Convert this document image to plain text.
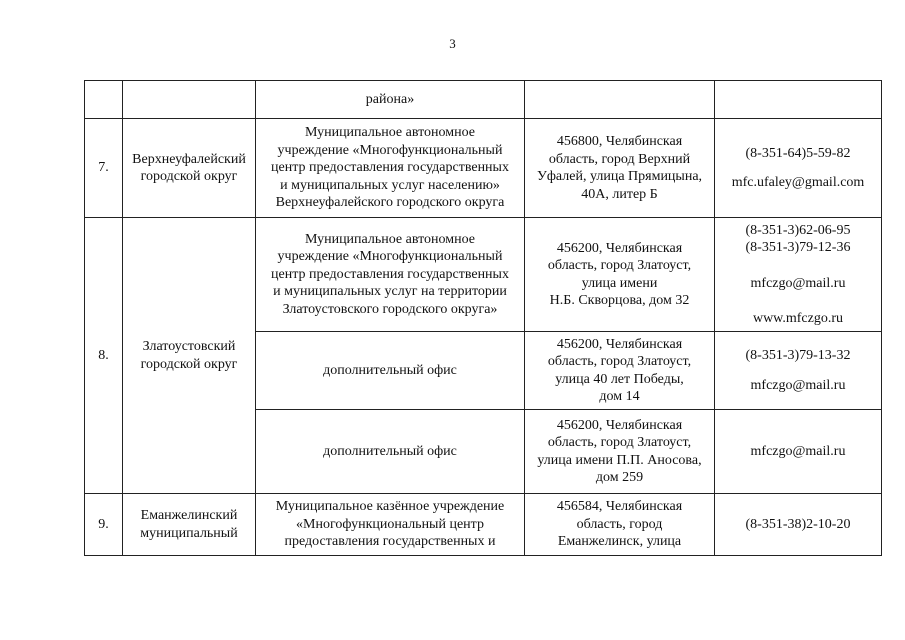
3

		района»		

7.	Верхнеуфалейский
городской округ	Муниципальное автономное
учреждение «Многофункциональный
центр предоставления государственных
и муниципальных услуг населению»
Верхнеуфалейского городского округа	456800, Челябинская
область, город Верхний
Уфалей, улица Прямицына,
40А, литер Б	(8-351-64)5-59-82
mfc.ufaley@gmail.com

8.	Златоустовский
городской округ	Муниципальное автономное
учреждение «Многофункциональный
центр предоставления государственных
и муниципальных услуг на территории
Златоустовского городского округа»	456200, Челябинская
область, город Златоуст,
улица имени
Н.Б. Скворцова, дом 32	(8-351-3)62-06-95
(8-351-3)79-12-36
mfczgo@mail.ru
www.mfczgo.ru

		дополнительный офис	456200, Челябинская
область, город Златоуст,
улица 40 лет Победы,
дом 14	(8-351-3)79-13-32
mfczgo@mail.ru

		дополнительный офис	456200, Челябинская
область, город Златоуст,
улица имени П.П. Аносова,
дом 259	mfczgo@mail.ru

9.	Еманжелинский
муниципальный	Муниципальное казённое учреждение
«Многофункциональный центр
предоставления государственных и	456584, Челябинская
область, город
Еманжелинск, улица	(8-351-38)2-10-20
